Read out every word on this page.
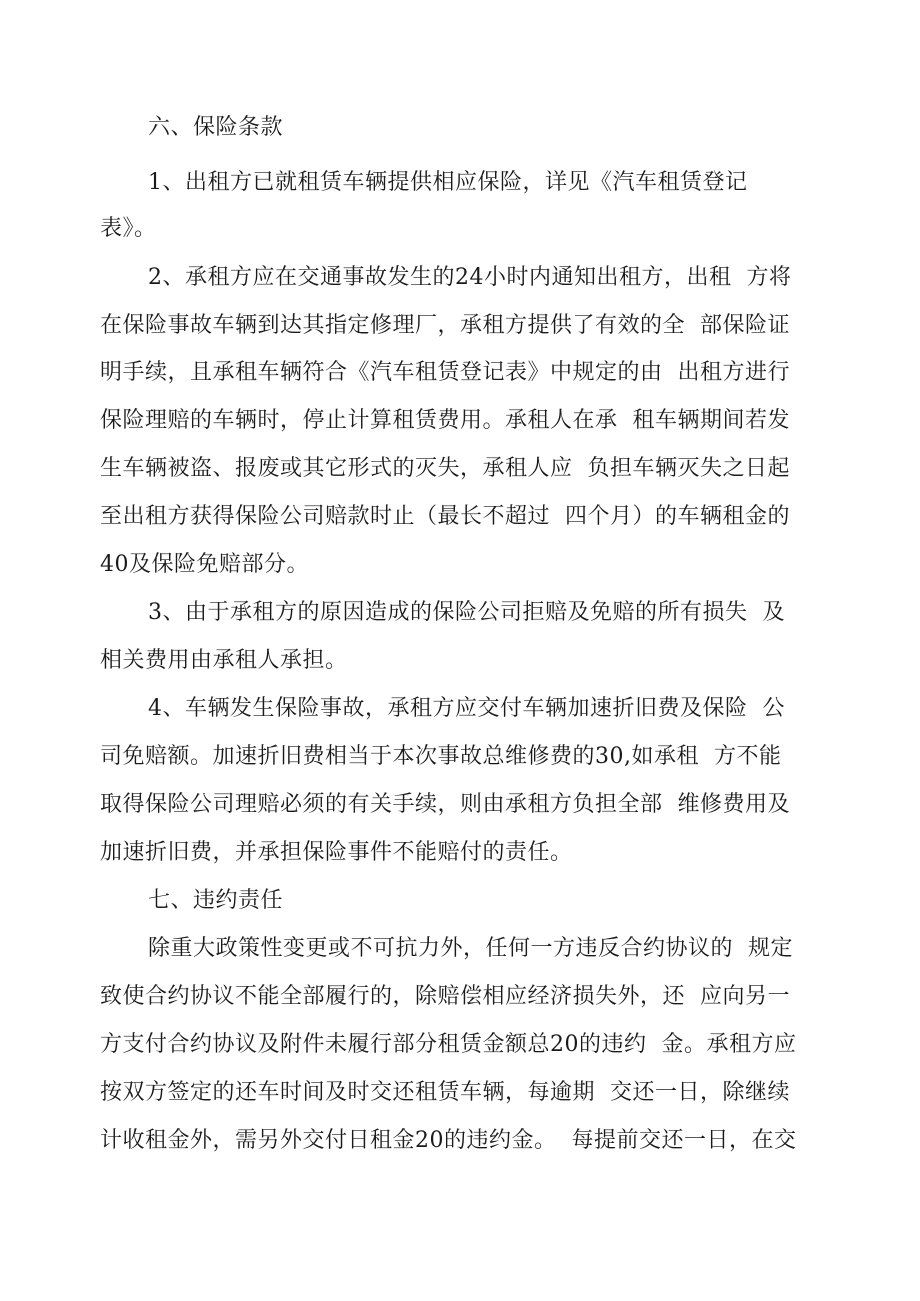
六、保险条款
1、出租方已就租赁车辆提供相应保险，详见《汽车租赁登记
表》。
2、承租方应在交通事故发生的24小时内通知出租方，出租  方将
在保险事故车辆到达其指定修理厂，承租方提供了有效的全  部保险证
明手续，且承租车辆符合《汽车租赁登记表》中规定的由  出租方进行
保险理赔的车辆时，停止计算租赁费用。承租人在承  租车辆期间若发
生车辆被盗、报废或其它形式的灭失，承租人应  负担车辆灭失之日起
至出租方获得保险公司赔款时止（最长不超过  四个月）的车辆租金的
40及保险免赔部分。
3、由于承租方的原因造成的保险公司拒赔及免赔的所有损失  及
相关费用由承租人承担。
4、车辆发生保险事故，承租方应交付车辆加速折旧费及保险  公
司免赔额。加速折旧费相当于本次事故总维修费的30,如承租  方不能
取得保险公司理赔必须的有关手续，则由承租方负担全部  维修费用及
加速折旧费，并承担保险事件不能赔付的责任。
七、违约责任
除重大政策性变更或不可抗力外，任何一方违反合约协议的  规定
致使合约协议不能全部履行的，除赔偿相应经济损失外，还  应向另一
方支付合约协议及附件未履行部分租赁金额总20的违约  金。承租方应
按双方签定的还车时间及时交还租赁车辆，每逾期  交还一日，除继续
计收租金外，需另外交付日租金20的违约金。  每提前交还一日，在交
